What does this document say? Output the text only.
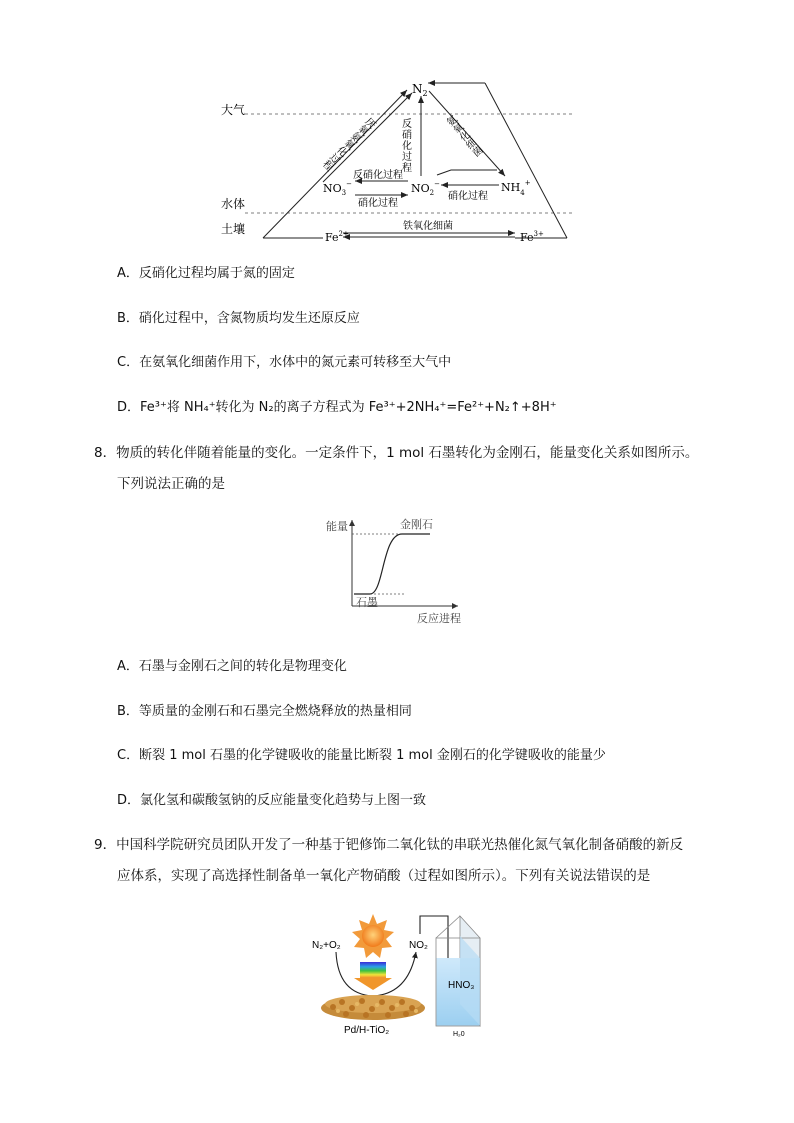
大气
水体
土壤
$N_2$
$NO_3^-$	$NO_2^-$	$NH_4^+$
$Fe^{2+}$	$Fe^{3+}$
厌氧氨氧化过程 反硝化过程	氨氧化细菌
反硝化过程
硝化过程
硝化过程
铁氧化细菌
A．反硝化过程均属于氮的固定
B．硝化过程中，含氮物质均发生还原反应
C．在氨氧化细菌作用下，水体中的氮元素可转移至大气中
D．Fe³⁺将 NH₄⁺转化为 N₂的离子方程式为 Fe³⁺+2NH₄⁺=Fe²⁺+N₂↑+8H⁺
8．物质的转化伴随着能量的变化。一定条件下，1 mol 石墨转化为金刚石，能量变化关系如图所示。
下列说法正确的是
能量	金刚石
石墨
反应进程
A．石墨与金刚石之间的转化是物理变化
B．等质量的金刚石和石墨完全燃烧释放的热量相同
C．断裂 1 mol 石墨的化学键吸收的能量比断裂 1 mol 金刚石的化学键吸收的能量少
D．氯化氢和碳酸氢钠的反应能量变化趋势与上图一致
9．中国科学院研究员团队开发了一种基于钯修饰二氧化钛的串联光热催化氮气氧化制备硝酸的新反
应体系，实现了高选择性制备单一氧化产物硝酸（过程如图所示）。下列有关说法错误的是
N₂+O₂	NO₂
HNO₃
Pd/H-TiO₂	H₂0
